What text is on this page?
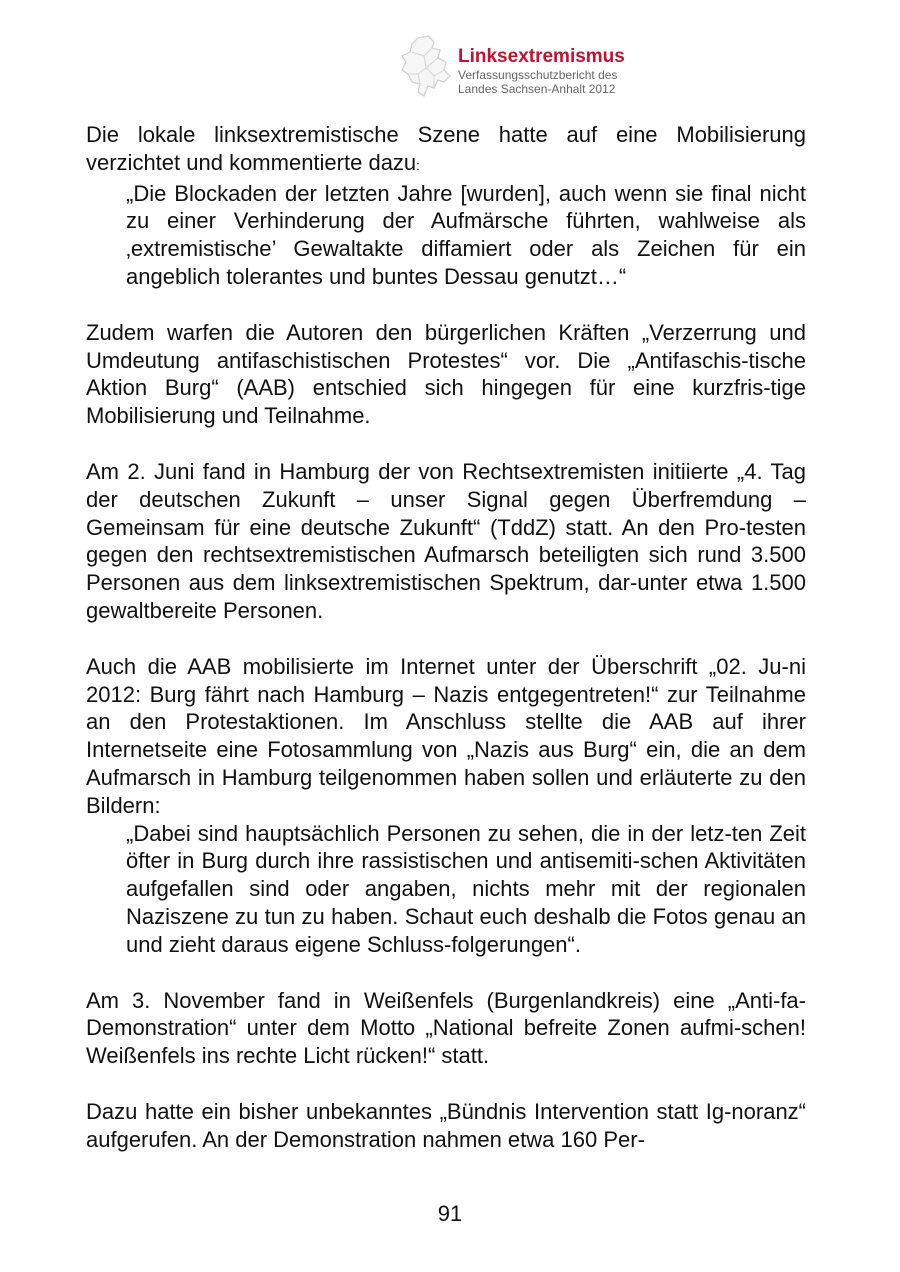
Linksextremismus
Verfassungsschutzbericht des
Landes Sachsen-Anhalt 2012

Die lokale linksextremistische Szene hatte auf eine Mobilisierung verzichtet und kommentierte dazu:

„Die Blockaden der letzten Jahre [wurden], auch wenn sie final nicht zu einer Verhinderung der Aufmärsche führten, wahlweise als ‚extremistische’ Gewaltakte diffamiert oder als Zeichen für ein angeblich tolerantes und buntes Dessau genutzt…“

Zudem warfen die Autoren den bürgerlichen Kräften „Verzerrung und Umdeutung antifaschistischen Protestes“ vor. Die „Antifaschis-tische Aktion Burg“ (AAB) entschied sich hingegen für eine kurzfris-tige Mobilisierung und Teilnahme.

Am 2. Juni fand in Hamburg der von Rechtsextremisten initiierte „4. Tag der deutschen Zukunft – unser Signal gegen Überfremdung – Gemeinsam für eine deutsche Zukunft“ (TddZ) statt. An den Pro-testen gegen den rechtsextremistischen Aufmarsch beteiligten sich rund 3.500 Personen aus dem linksextremistischen Spektrum, dar-unter etwa 1.500 gewaltbereite Personen.

Auch die AAB mobilisierte im Internet unter der Überschrift „02. Ju-ni 2012: Burg fährt nach Hamburg – Nazis entgegentreten!“ zur Teilnahme an den Protestaktionen. Im Anschluss stellte die AAB auf ihrer Internetseite eine Fotosammlung von „Nazis aus Burg“ ein, die an dem Aufmarsch in Hamburg teilgenommen haben sollen und erläuterte zu den Bildern:

„Dabei sind hauptsächlich Personen zu sehen, die in der letz-ten Zeit öfter in Burg durch ihre rassistischen und antisemiti-schen Aktivitäten aufgefallen sind oder angaben, nichts mehr mit der regionalen Naziszene zu tun zu haben. Schaut euch deshalb die Fotos genau an und zieht daraus eigene Schluss-folgerungen“.

Am 3. November fand in Weißenfels (Burgenlandkreis) eine „Anti-fa-Demonstration“ unter dem Motto „National befreite Zonen aufmi-schen! Weißenfels ins rechte Licht rücken!“ statt.

Dazu hatte ein bisher unbekanntes „Bündnis Intervention statt Ig-noranz“ aufgerufen. An der Demonstration nahmen etwa 160 Per-

91
